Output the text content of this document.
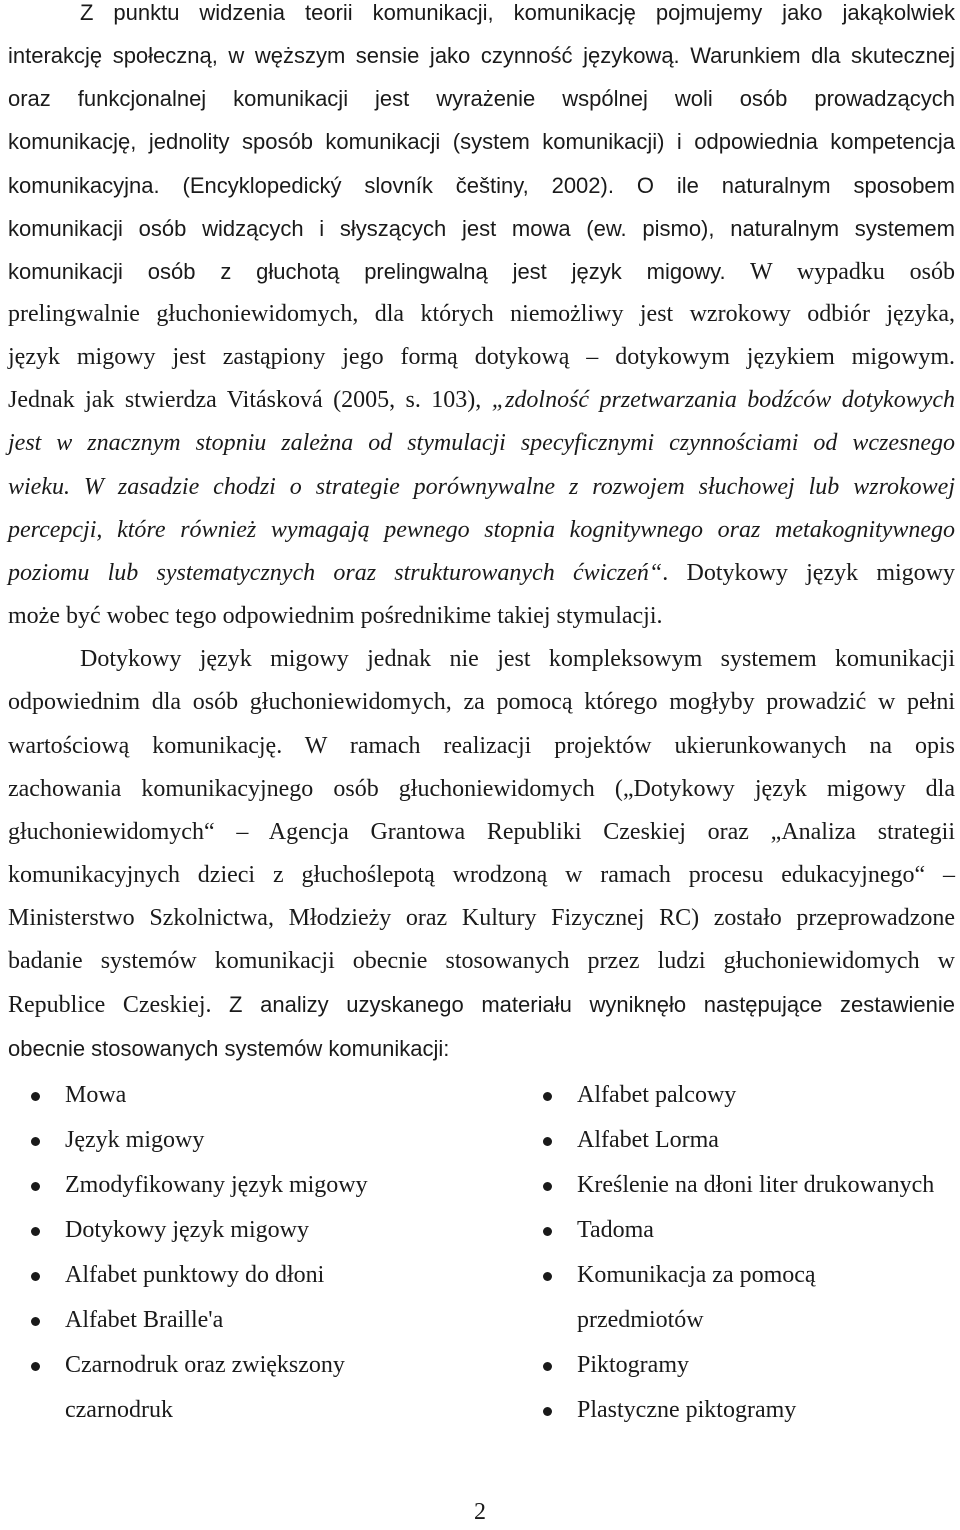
Z punktu widzenia teorii komunikacji, komunikację pojmujemy jako jakąkolwiek
interakcję społeczną, w węższym sensie jako czynność językową. Warunkiem dla skutecznej
oraz funkcjonalnej komunikacji jest wyrażenie wspólnej woli osób prowadzących
komunikację, jednolity sposób komunikacji (system komunikacji) i odpowiednia kompetencja
komunikacyjna. (Encyklopedický slovník češtiny, 2002). O ile naturalnym sposobem
komunikacji osób widzących i słyszących jest mowa (ew. pismo), naturalnym systemem
komunikacji osób z głuchotą prelingwalną jest język migowy. W wypadku osób
prelingwalnie głuchoniewidomych, dla których niemożliwy jest wzrokowy odbiór języka,
język migowy jest zastąpiony jego formą dotykową – dotykowym językiem migowym.
Jednak jak stwierdza Vitásková (2005, s. 103), „zdolność przetwarzania bodźców dotykowych
jest w znacznym stopniu zależna od stymulacji specyficznymi czynnościami od wczesnego
wieku. W zasadzie chodzi o strategie porównywalne z rozwojem słuchowej lub wzrokowej
percepcji, które również wymagają pewnego stopnia kognitywnego oraz metakognitywnego
poziomu lub systematycznych oraz strukturowanych ćwiczeń“. Dotykowy język migowy
może być wobec tego odpowiednim pośrednikime takiej stymulacji.
Dotykowy język migowy jednak nie jest kompleksowym systemem komunikacji
odpowiednim dla osób głuchoniewidomych, za pomocą którego mogłyby prowadzić w pełni
wartościową komunikację. W ramach realizacji projektów ukierunkowanych na opis
zachowania komunikacyjnego osób głuchoniewidomych („Dotykowy język migowy dla
głuchoniewidomych“ – Agencja Grantowa Republiki Czeskiej oraz „Analiza strategii
komunikacyjnych dzieci z głuchoślepotą wrodzoną w ramach procesu edukacyjnego“ –
Ministerstwo Szkolnictwa, Młodzieży oraz Kultury Fizycznej RC) zostało przeprowadzone
badanie systemów komunikacji obecnie stosowanych przez ludzi głuchoniewidomych w
Republice Czeskiej. Z analizy uzyskanego materiału wyniknęło następujące zestawienie
obecnie stosowanych systemów komunikacji:
Mowa
Język migowy
Zmodyfikowany język migowy
Dotykowy język migowy
Alfabet punktowy do dłoni
Alfabet Braille'a
Czarnodruk oraz zwiększony
czarnodruk
Alfabet palcowy
Alfabet Lorma
Kreślenie na dłoni liter drukowanych
Tadoma
Komunikacja za pomocą
przedmiotów
Piktogramy
Plastyczne piktogramy
2
